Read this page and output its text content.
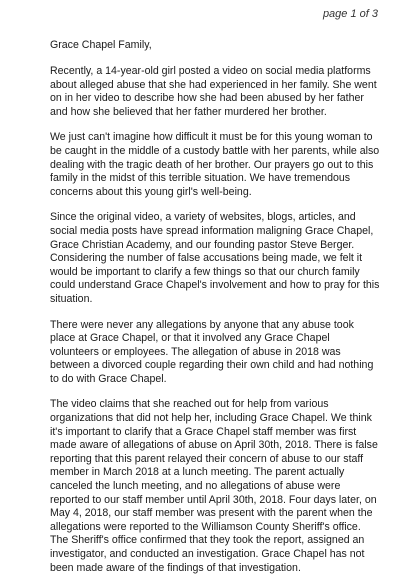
page 1 of 3

Grace Chapel Family,

Recently, a 14-year-old girl posted a video on social media platforms about alleged abuse that she had experienced in her family. She went on in her video to describe how she had been abused by her father and how she believed that her father murdered her brother.

We just can't imagine how difficult it must be for this young woman to be caught in the middle of a custody battle with her parents, while also dealing with the tragic death of her brother. Our prayers go out to this family in the midst of this terrible situation. We have tremendous concerns about this young girl's well-being.

Since the original video, a variety of websites, blogs, articles, and social media posts have spread information maligning Grace Chapel, Grace Christian Academy, and our founding pastor Steve Berger. Considering the number of false accusations being made, we felt it would be important to clarify a few things so that our church family could understand Grace Chapel's involvement and how to pray for this situation.

There were never any allegations by anyone that any abuse took place at Grace Chapel, or that it involved any Grace Chapel volunteers or employees. The allegation of abuse in 2018 was between a divorced couple regarding their own child and had nothing to do with Grace Chapel.

The video claims that she reached out for help from various organizations that did not help her, including Grace Chapel. We think it's important to clarify that a Grace Chapel staff member was first made aware of allegations of abuse on April 30th, 2018. There is false reporting that this parent relayed their concern of abuse to our staff member in March 2018 at a lunch meeting. The parent actually canceled the lunch meeting, and no allegations of abuse were reported to our staff member until April 30th, 2018. Four days later, on May 4, 2018, our staff member was present with the parent when the allegations were reported to the Williamson County Sheriff's office. The Sheriff's office confirmed that they took the report, assigned an investigator, and conducted an investigation. Grace Chapel has not been made aware of the findings of that investigation.
